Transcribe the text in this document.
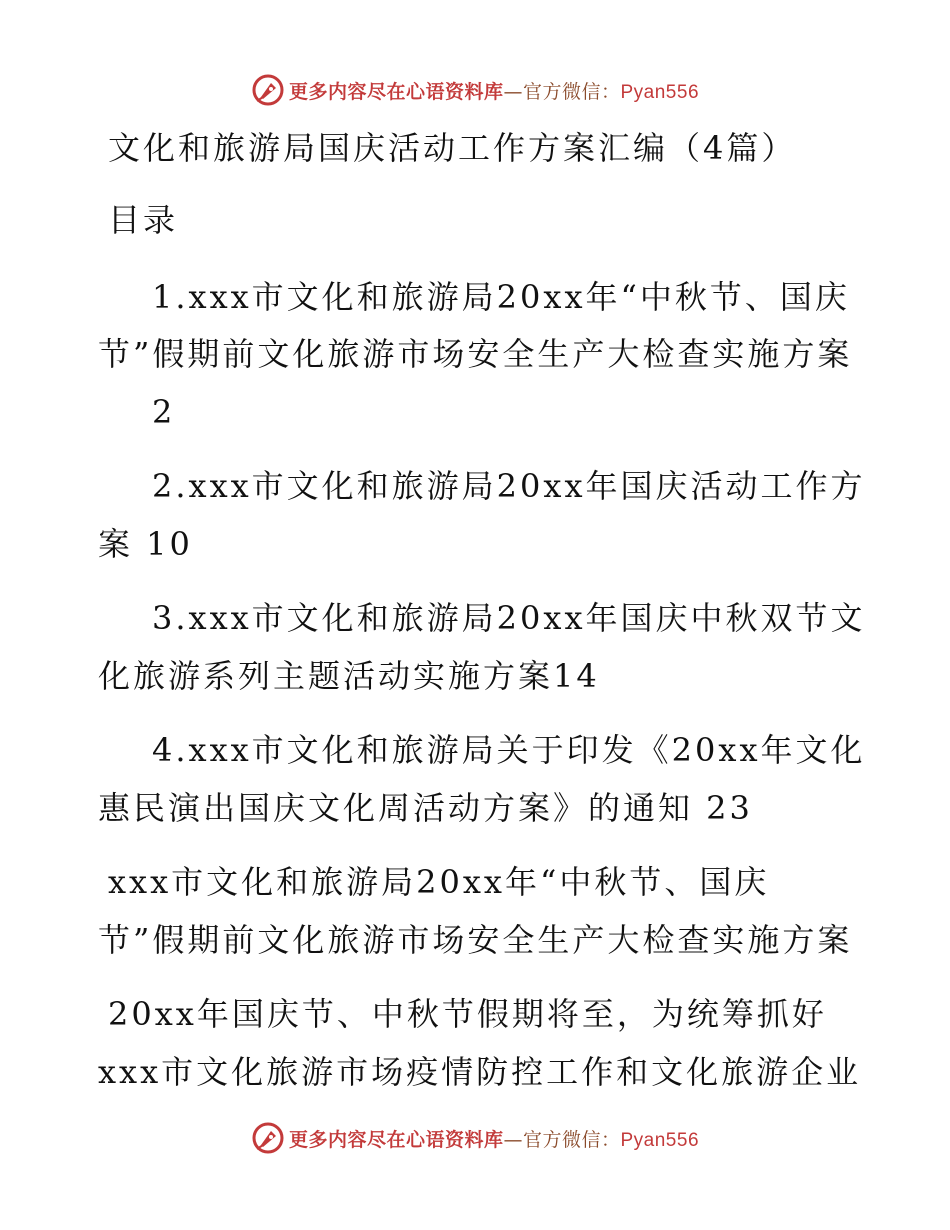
更多内容尽在心语资料库—官方微信：Pyan556
文化和旅游局国庆活动工作方案汇编（4篇）
目录
1.xxx市文化和旅游局20xx年“中秋节、国庆
节”假期前文化旅游市场安全生产大检查实施方案
2
2.xxx市文化和旅游局20xx年国庆活动工作方
案 10
3.xxx市文化和旅游局20xx年国庆中秋双节文
化旅游系列主题活动实施方案14
4.xxx市文化和旅游局关于印发《20xx年文化
惠民演出国庆文化周活动方案》的通知 23
xxx市文化和旅游局20xx年“中秋节、国庆
节”假期前文化旅游市场安全生产大检查实施方案
20xx年国庆节、中秋节假期将至，为统筹抓好
xxx市文化旅游市场疫情防控工作和文化旅游企业
更多内容尽在心语资料库—官方微信：Pyan556
